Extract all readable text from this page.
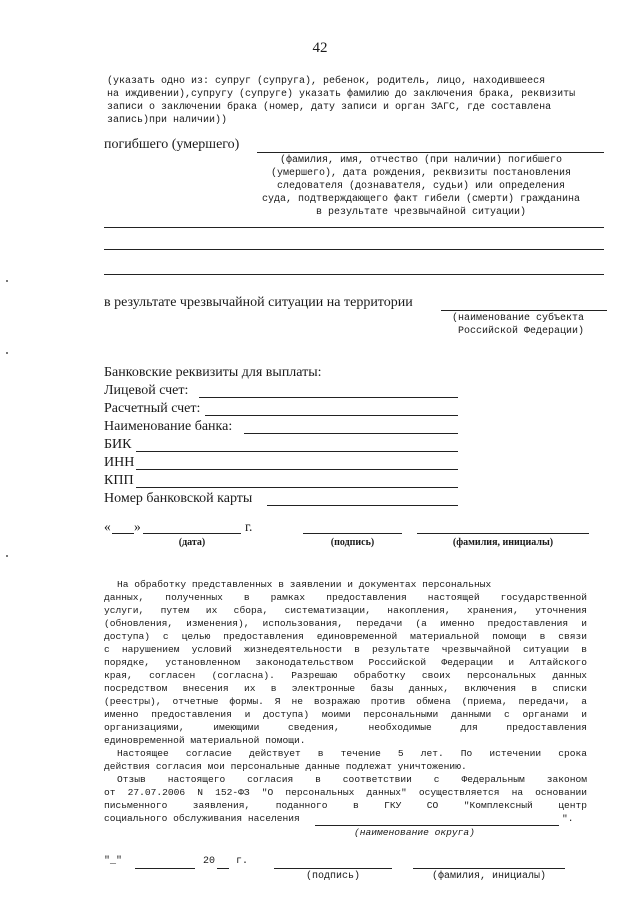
42
(указать одно из: супруг (супруга), ребенок, родитель, лицо, находившееся
на иждивении),супругу (супруге) указать фамилию до заключения брака, реквизиты
записи о заключении брака (номер, дату записи и орган ЗАГС, где составлена
запись)при наличии))
погибшего (умершего)
(фамилия, имя, отчество (при наличии) погибшего
(умершего), дата рождения, реквизиты постановления
следователя (дознавателя, судьи) или определения
суда, подтверждающего факт гибели (смерти) гражданина
в результате чрезвычайной ситуации)
в результате чрезвычайной ситуации на территории
(наименование субъекта
Российской Федерации)
Банковские реквизиты для выплаты:
Лицевой счет:
Расчетный счет:
Наименование банка:
БИК
ИНН
КПП
Номер банковской карты
« »	г.
(дата)	(подпись)	(фамилия, инициалы)
На обработку представленных в заявлении и документах персональных
данных, полученных в рамках предоставления настоящей государственной
услуги, путем их сбора, систематизации, накопления, хранения, уточнения
(обновления, изменения), использования, передачи (а именно предоставления и
доступа) с целью предоставления единовременной материальной помощи в связи
с нарушением условий жизнедеятельности в результате чрезвычайной ситуации в
порядке, установленном законодательством Российской Федерации и Алтайского
края, согласен (согласна). Разрешаю обработку своих персональных данных
посредством внесения их в электронные базы данных, включения в списки
(реестры), отчетные формы. Я не возражаю против обмена (приема, передачи, а
именно предоставления и доступа) моими персональными данными с органами и
организациями, имеющими сведения, необходимые для предоставления
единовременной материальной помощи.
Настоящее согласие действует в течение 5 лет. По истечении срока
действия согласия мои персональные данные подлежат уничтожению.
Отзыв настоящего согласия в соответствии с Федеральным законом
от 27.07.2006 N 152-ФЗ "О персональных данных" осуществляется на основании
письменного заявления, поданного в ГКУ СО "Комплексный центр
социального обслуживания населения	".
(наименование округа)
"_"	20 г.
(подпись)	(фамилия, инициалы)
